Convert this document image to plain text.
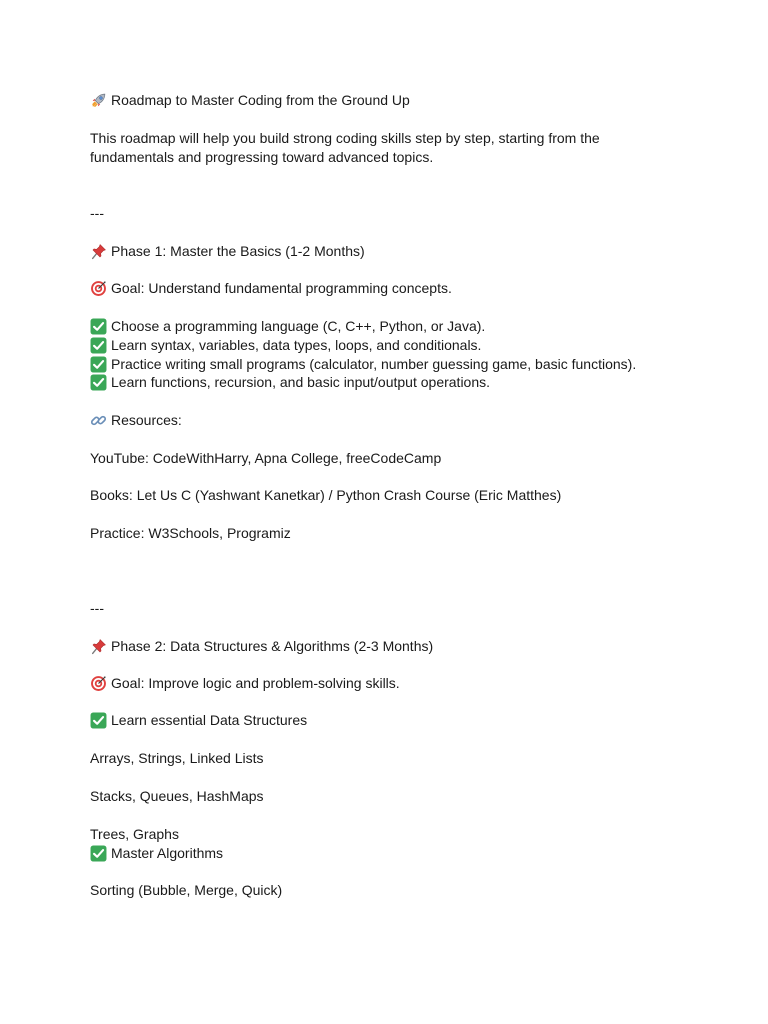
Roadmap to Master Coding from the Ground Up
This roadmap will help you build strong coding skills step by step, starting from the
fundamentals and progressing toward advanced topics.
---
Phase 1: Master the Basics (1-2 Months)
Goal: Understand fundamental programming concepts.
Choose a programming language (C, C++, Python, or Java).
Learn syntax, variables, data types, loops, and conditionals.
Practice writing small programs (calculator, number guessing game, basic functions).
Learn functions, recursion, and basic input/output operations.
Resources:
YouTube: CodeWithHarry, Apna College, freeCodeCamp
Books: Let Us C (Yashwant Kanetkar) / Python Crash Course (Eric Matthes)
Practice: W3Schools, Programiz
---
Phase 2: Data Structures & Algorithms (2-3 Months)
Goal: Improve logic and problem-solving skills.
Learn essential Data Structures
Arrays, Strings, Linked Lists
Stacks, Queues, HashMaps
Trees, Graphs
Master Algorithms
Sorting (Bubble, Merge, Quick)
